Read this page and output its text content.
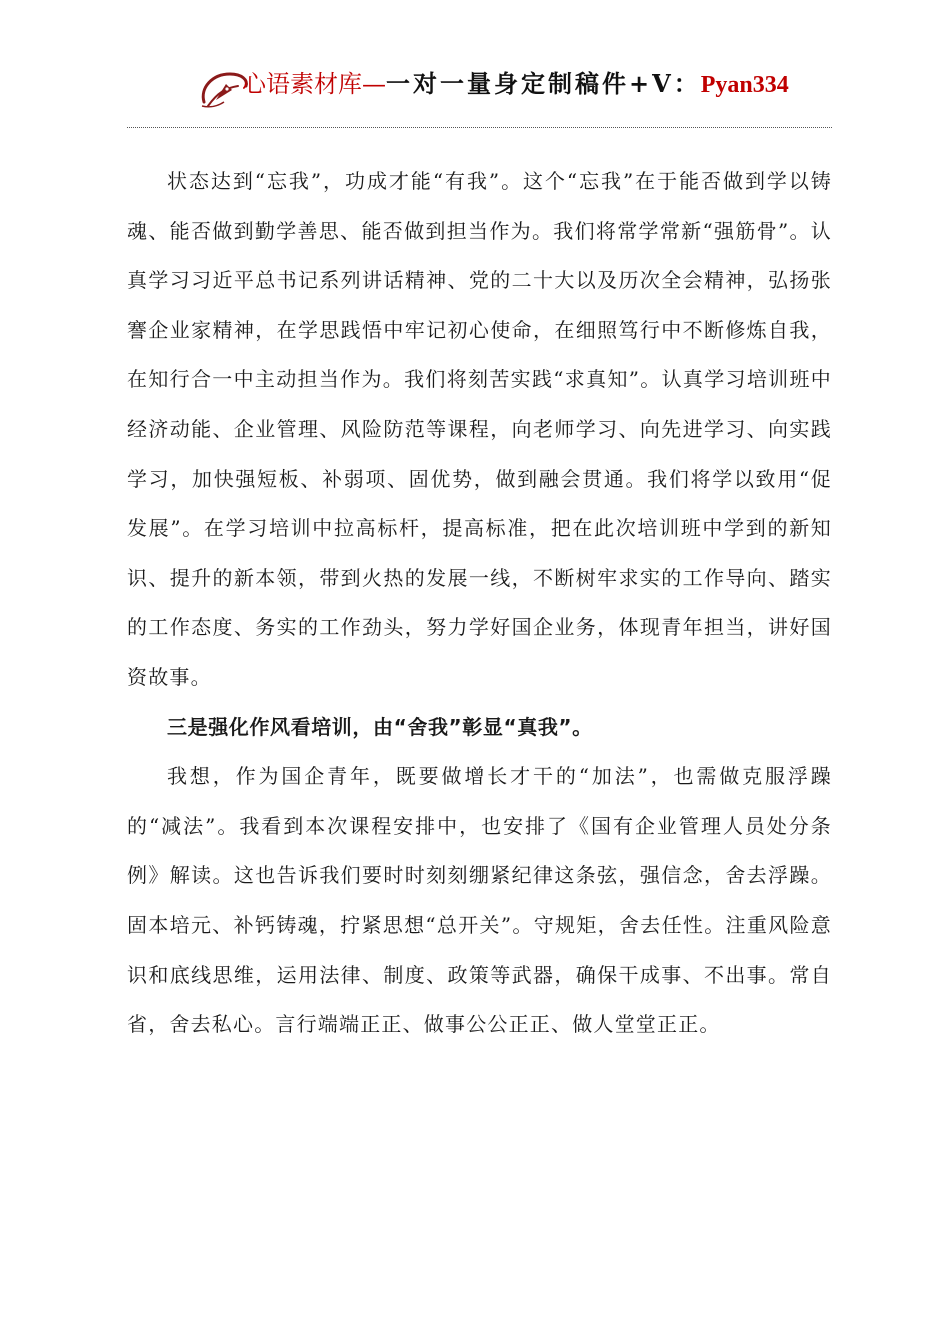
心语素材库—一对一量身定制稿件+V：Pyan334

状态达到“忘我”，功成才能“有我”。这个“忘我”在于能否做到学以铸魂、能否做到勤学善思、能否做到担当作为。我们将常学常新“强筋骨”。认真学习习近平总书记系列讲话精神、党的二十大以及历次全会精神，弘扬张謇企业家精神，在学思践悟中牢记初心使命，在细照笃行中不断修炼自我，在知行合一中主动担当作为。我们将刻苦实践“求真知”。认真学习培训班中经济动能、企业管理、风险防范等课程，向老师学习、向先进学习、向实践学习，加快强短板、补弱项、固优势，做到融会贯通。我们将学以致用“促发展”。在学习培训中拉高标杆，提高标准，把在此次培训班中学到的新知识、提升的新本领，带到火热的发展一线，不断树牢求实的工作导向、踏实的工作态度、务实的工作劲头，努力学好国企业务，体现青年担当，讲好国资故事。

三是强化作风看培训，由“舍我”彰显“真我”。

我想，作为国企青年，既要做增长才干的“加法”，也需做克服浮躁的“减法”。我看到本次课程安排中，也安排了《国有企业管理人员处分条例》解读。这也告诉我们要时时刻刻绷紧纪律这条弦，强信念，舍去浮躁。固本培元、补钙铸魂，拧紧思想“总开关”。守规矩，舍去任性。注重风险意识和底线思维，运用法律、制度、政策等武器，确保干成事、不出事。常自省，舍去私心。言行端端正正、做事公公正正、做人堂堂正正。
